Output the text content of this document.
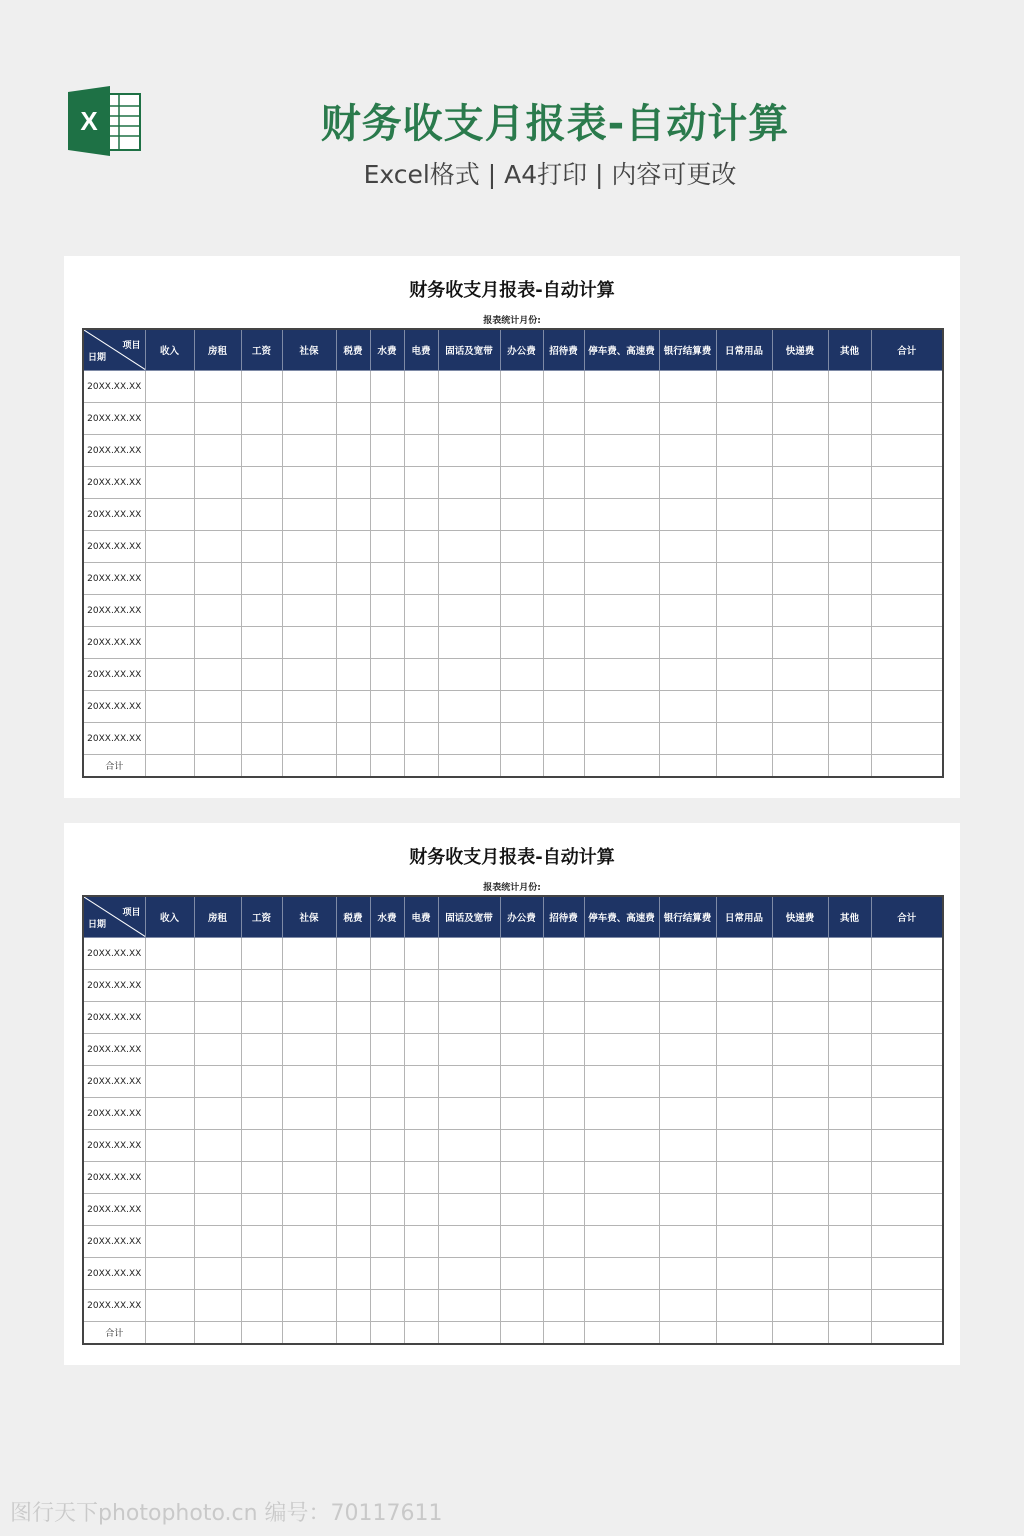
X	财务收支月报表-自动计算
Excel格式 | A4打印 | 内容可更改
财务收支月报表-自动计算
报表统计月份:
项目
日期	收入	房租	工资	社保	税费	水费	电费	固话及宽带	办公费	招待费	停车费、高速费	银行结算费	日常用品	快递费	其他	合计
20XX.XX.XX																
20XX.XX.XX																
20XX.XX.XX																
20XX.XX.XX																
20XX.XX.XX																
20XX.XX.XX																
20XX.XX.XX																
20XX.XX.XX																
20XX.XX.XX																
20XX.XX.XX																
20XX.XX.XX																
20XX.XX.XX																
合计																
财务收支月报表-自动计算
报表统计月份:
项目
日期	收入	房租	工资	社保	税费	水费	电费	固话及宽带	办公费	招待费	停车费、高速费	银行结算费	日常用品	快递费	其他	合计
20XX.XX.XX																
20XX.XX.XX																
20XX.XX.XX																
20XX.XX.XX																
20XX.XX.XX																
20XX.XX.XX																
20XX.XX.XX																
20XX.XX.XX																
20XX.XX.XX																
20XX.XX.XX																
20XX.XX.XX																
20XX.XX.XX																
合计																
图行天下photophoto.cn 编号：70117611
